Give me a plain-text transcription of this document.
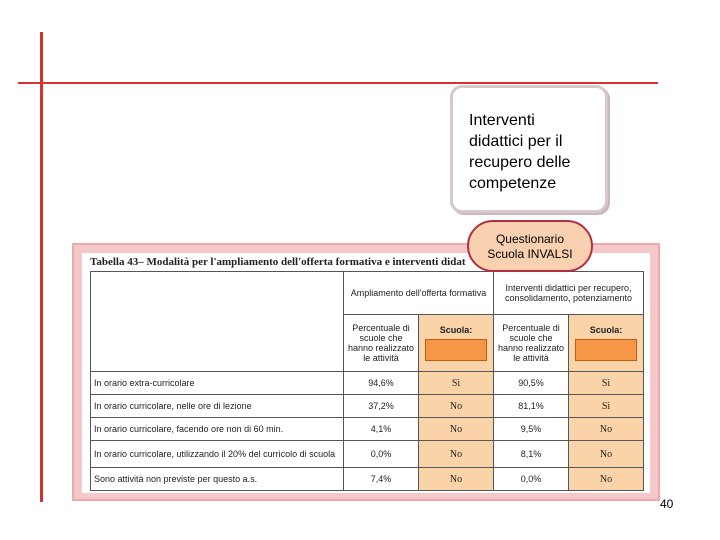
Tabella 43– Modalità per l'ampliamento dell'offerta formativa e interventi didat
	Ampliamento dell'offerta formativa		Interventi didattici per recupero, consolidamento, potenziamento	
	Percentuale di scuole che hanno realizzato le attività	Scuola:	Percentuale di scuole che hanno realizzato le attività	Scuola:

In orario extra-curricolare	94,6%	Sì	90,5%	Sì
In orario curricolare, nelle ore di lezione	37,2%	No	81,1%	Sì
In orario curricolare, facendo ore non di 60 min.	4,1%	No	9,5%	No
In orario curricolare, utilizzando il 20% del curricolo di scuola	0,0%	No	8,1%	No
Sono attività non previste per questo a.s.	7,4%	No	0,0%	No
Interventi
didattici per il
recupero delle
competenze
Questionario
Scuola INVALSI
40
